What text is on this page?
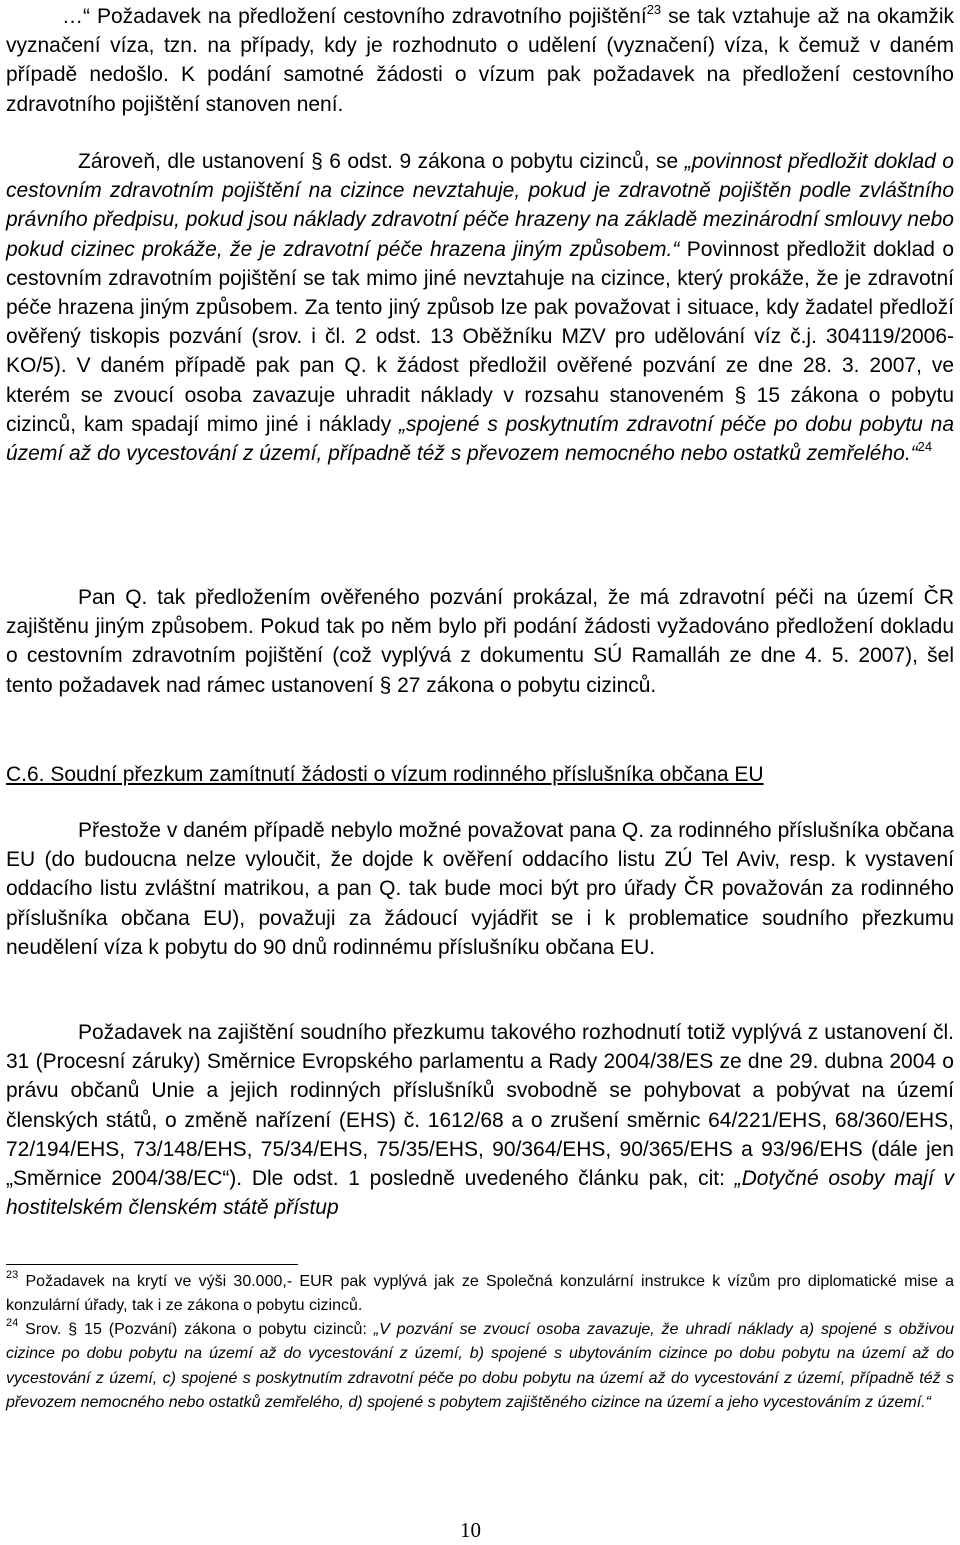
…“ Požadavek na předložení cestovního zdravotního pojištění$^{23}$ se tak vztahuje až na okamžik vyznačení víza, tzn. na případy, kdy je rozhodnuto o udělení (vyznačení) víza, k čemuž v daném případě nedošlo. K podání samotné žádosti o vízum pak požadavek na předložení cestovního zdravotního pojištění stanoven není.

Zároveň, dle ustanovení § 6 odst. 9 zákona o pobytu cizinců, se „povinnost předložit doklad o cestovním zdravotním pojištění na cizince nevztahuje, pokud je zdravotně pojištěn podle zvláštního právního předpisu, pokud jsou náklady zdravotní péče hrazeny na základě mezinárodní smlouvy nebo pokud cizinec prokáže, že je zdravotní péče hrazena jiným způsobem.“ Povinnost předložit doklad o cestovním zdravotním pojištění se tak mimo jiné nevztahuje na cizince, který prokáže, že je zdravotní péče hrazena jiným způsobem. Za tento jiný způsob lze pak považovat i situace, kdy žadatel předloží ověřený tiskopis pozvání (srov. i čl. 2 odst. 13 Oběžníku MZV pro udělování víz č.j. 304119/2006-KO/5). V daném případě pak pan Q. k žádost předložil ověřené pozvání ze dne 28. 3. 2007, ve kterém se zvoucí osoba zavazuje uhradit náklady v rozsahu stanoveném § 15 zákona o pobytu cizinců, kam spadají mimo jiné i náklady „spojené s poskytnutím zdravotní péče po dobu pobytu na území až do vycestování z území, případně též s převozem nemocného nebo ostatků zemřelého.“$^{24}$

Pan Q. tak předložením ověřeného pozvání prokázal, že má zdravotní péči na území ČR zajištěnu jiným způsobem. Pokud tak po něm bylo při podání žádosti vyžadováno předložení dokladu o cestovním zdravotním pojištění (což vyplývá z dokumentu SÚ Ramalláh ze dne 4. 5. 2007), šel tento požadavek nad rámec ustanovení § 27 zákona o pobytu cizinců.

C.6. Soudní přezkum zamítnutí žádosti o vízum rodinného příslušníka občana EU

Přestože v daném případě nebylo možné považovat pana Q. za rodinného příslušníka občana EU (do budoucna nelze vyloučit, že dojde k ověření oddacího listu ZÚ Tel Aviv, resp. k vystavení oddacího listu zvláštní matrikou, a pan Q. tak bude moci být pro úřady ČR považován za rodinného příslušníka občana EU), považuji za žádoucí vyjádřit se i k problematice soudního přezkumu neudělení víza k pobytu do 90 dnů rodinnému příslušníku občana EU.

Požadavek na zajištění soudního přezkumu takového rozhodnutí totiž vyplývá z ustanovení čl. 31 (Procesní záruky) Směrnice Evropského parlamentu a Rady 2004/38/ES ze dne 29. dubna 2004 o právu občanů Unie a jejich rodinných příslušníků svobodně se pohybovat a pobývat na území členských států, o změně nařízení (EHS) č. 1612/68 a o zrušení směrnic 64/221/EHS, 68/360/EHS, 72/194/EHS, 73/148/EHS, 75/34/EHS, 75/35/EHS, 90/364/EHS, 90/365/EHS a 93/96/EHS (dále jen „Směrnice 2004/38/EC“). Dle odst. 1 posledně uvedeného článku pak, cit: „Dotyčné osoby mají v hostitelském členském státě přístup

$^{23}$ Požadavek na krytí ve výši 30.000,- EUR pak vyplývá jak ze Společná konzulární instrukce k vízům pro diplomatické mise a konzulární úřady, tak i ze zákona o pobytu cizinců.
$^{24}$ Srov. § 15 (Pozvání) zákona o pobytu cizinců: „V pozvání se zvoucí osoba zavazuje, že uhradí náklady a) spojené s obživou cizince po dobu pobytu na území až do vycestování z území, b) spojené s ubytováním cizince po dobu pobytu na území až do vycestování z území, c) spojené s poskytnutím zdravotní péče po dobu pobytu na území až do vycestování z území, případně též s převozem nemocného nebo ostatků zemřelého, d) spojené s pobytem zajištěného cizince na území a jeho vycestováním z území.“
10
